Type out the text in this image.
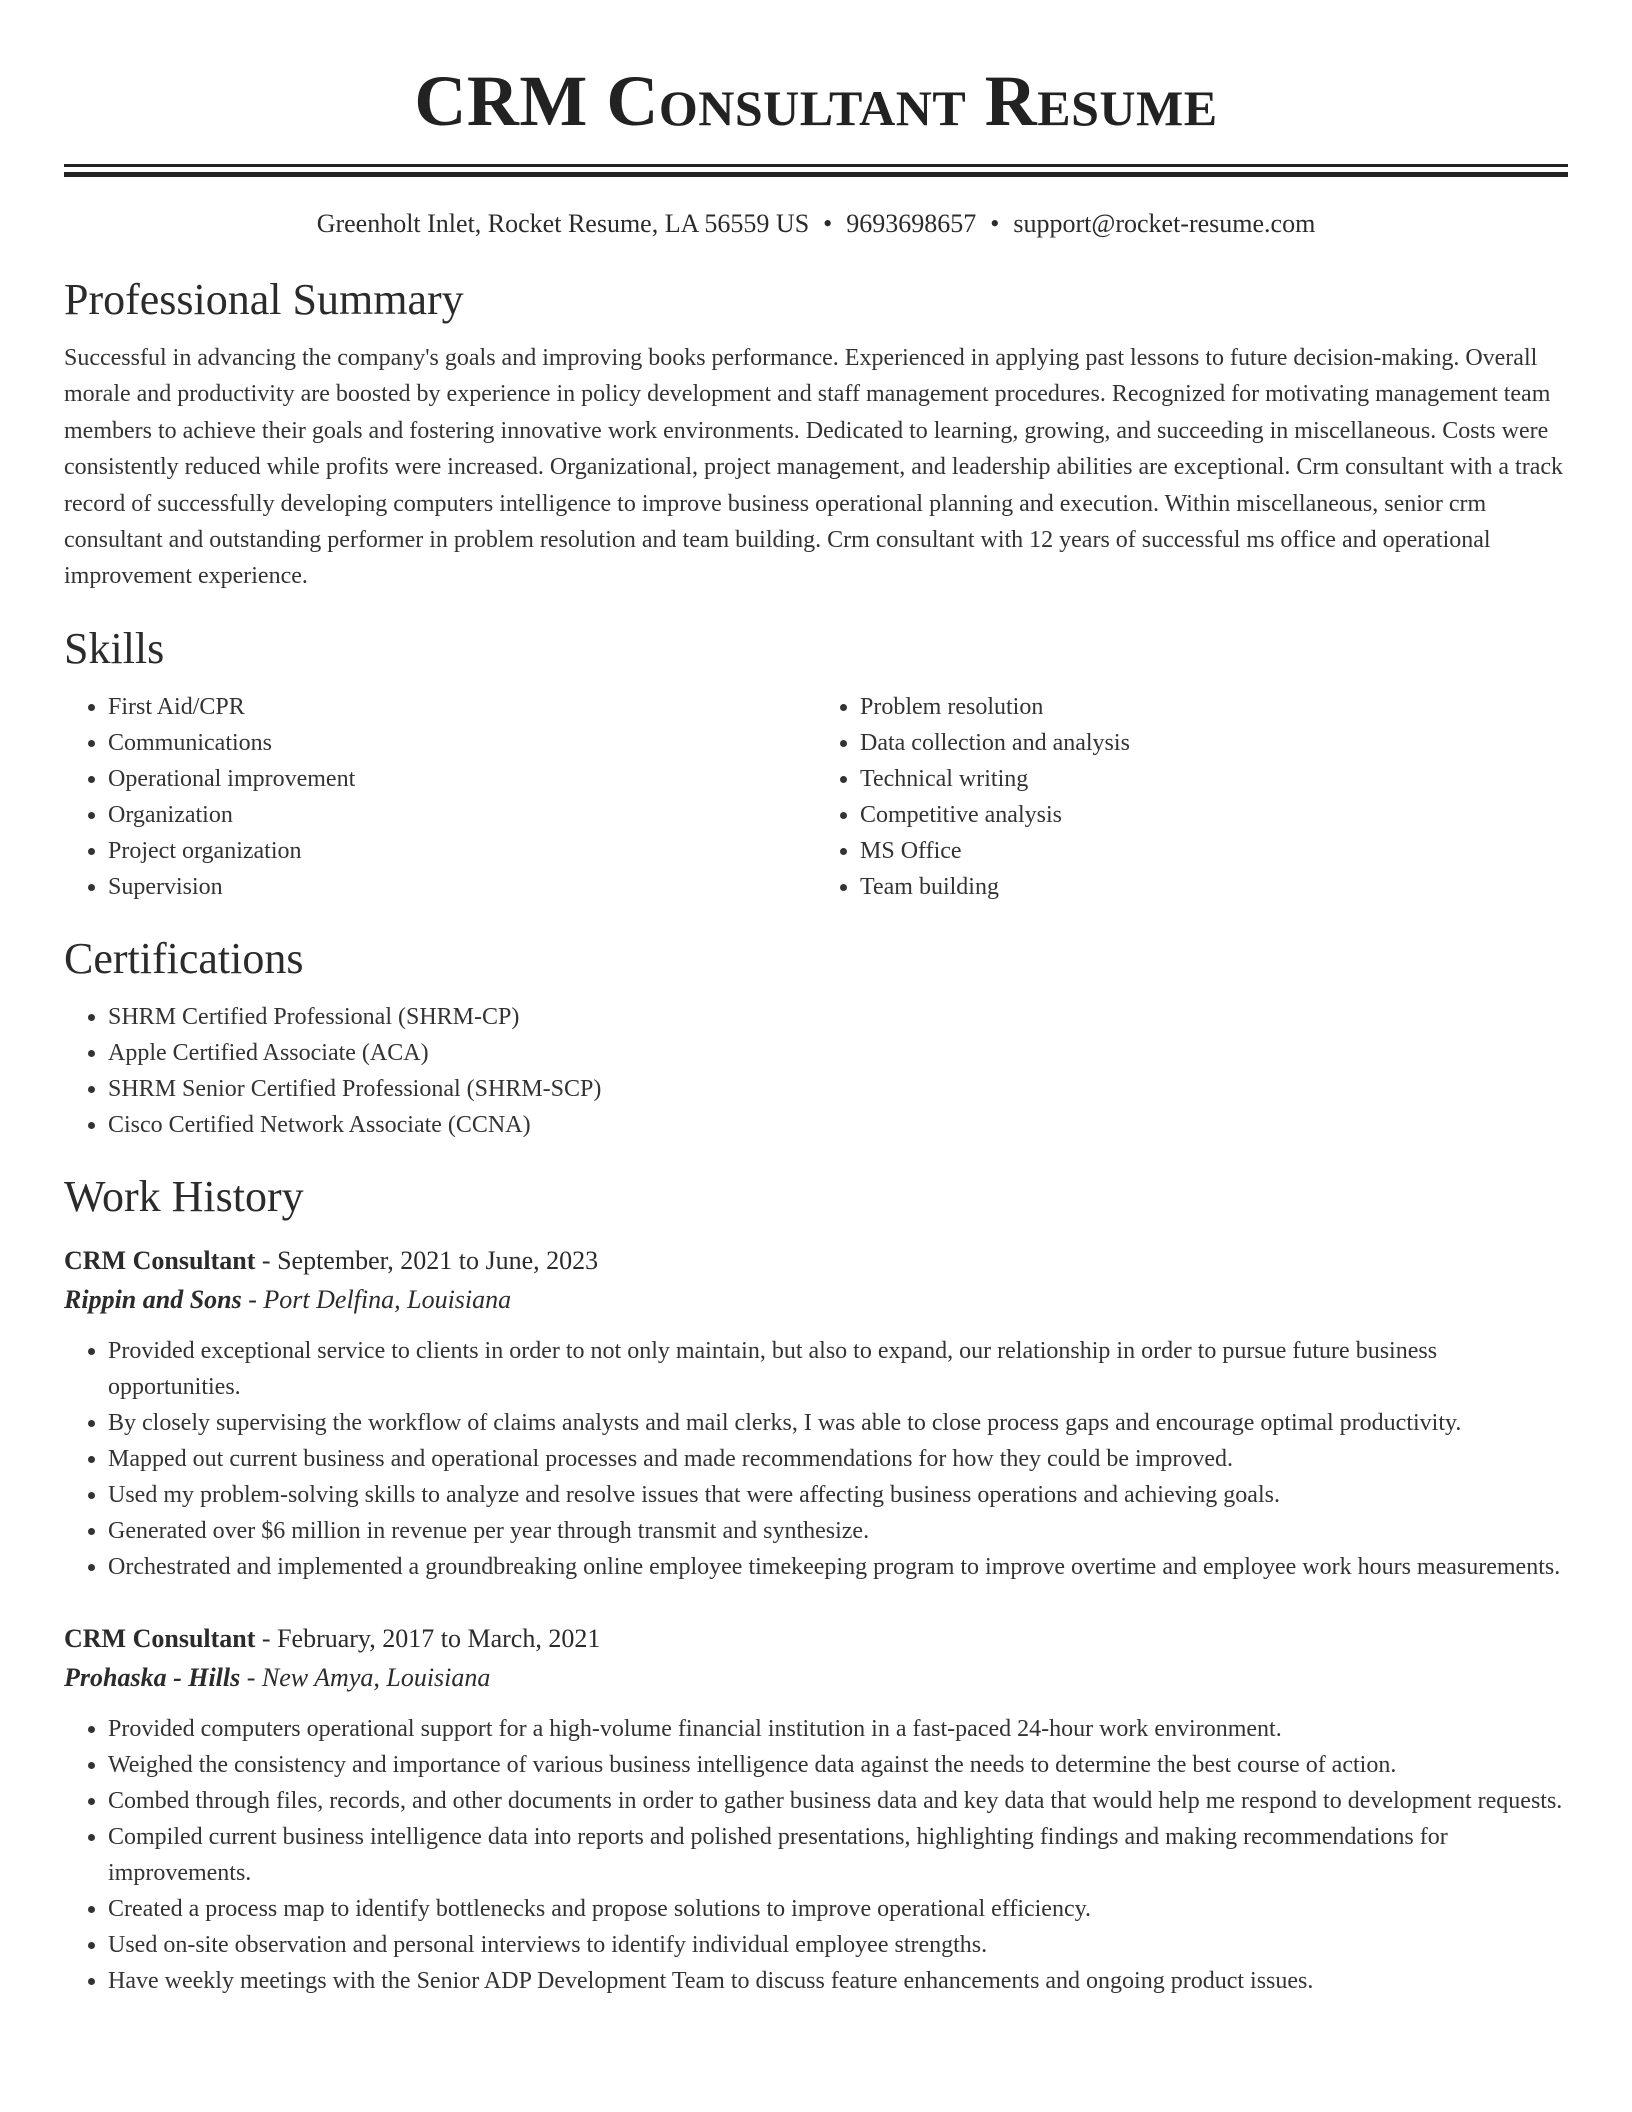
CRM Consultant Resume
Greenholt Inlet, Rocket Resume, LA 56559 US • 9693698657 • support@rocket-resume.com
Professional Summary

Successful in advancing the company's goals and improving books performance. Experienced in applying past lessons to future decision-making. Overall morale and productivity are boosted by experience in policy development and staff management procedures. Recognized for motivating management team members to achieve their goals and fostering innovative work environments. Dedicated to learning, growing, and succeeding in miscellaneous. Costs were consistently reduced while profits were increased. Organizational, project management, and leadership abilities are exceptional. Crm consultant with a track record of successfully developing computers intelligence to improve business operational planning and execution. Within miscellaneous, senior crm consultant and outstanding performer in problem resolution and team building. Crm consultant with 12 years of successful ms office and operational improvement experience.

Skills
• First Aid/CPR
• Communications
• Operational improvement
• Organization
• Project organization
• Supervision
• Problem resolution
• Data collection and analysis
• Technical writing
• Competitive analysis
• MS Office
• Team building
Certifications
• SHRM Certified Professional (SHRM-CP)
• Apple Certified Associate (ACA)
• SHRM Senior Certified Professional (SHRM-SCP)
• Cisco Certified Network Associate (CCNA)
Work History
CRM Consultant - September, 2021 to June, 2023
Rippin and Sons - Port Delfina, Louisiana
• Provided exceptional service to clients in order to not only maintain, but also to expand, our relationship in order to pursue future business opportunities.
• By closely supervising the workflow of claims analysts and mail clerks, I was able to close process gaps and encourage optimal productivity.
• Mapped out current business and operational processes and made recommendations for how they could be improved.
• Used my problem-solving skills to analyze and resolve issues that were affecting business operations and achieving goals.
• Generated over $6 million in revenue per year through transmit and synthesize.
• Orchestrated and implemented a groundbreaking online employee timekeeping program to improve overtime and employee work hours measurements.
CRM Consultant - February, 2017 to March, 2021
Prohaska - Hills - New Amya, Louisiana
• Provided computers operational support for a high-volume financial institution in a fast-paced 24-hour work environment.
• Weighed the consistency and importance of various business intelligence data against the needs to determine the best course of action.
• Combed through files, records, and other documents in order to gather business data and key data that would help me respond to development requests.
• Compiled current business intelligence data into reports and polished presentations, highlighting findings and making recommendations for improvements.
• Created a process map to identify bottlenecks and propose solutions to improve operational efficiency.
• Used on-site observation and personal interviews to identify individual employee strengths.
• Have weekly meetings with the Senior ADP Development Team to discuss feature enhancements and ongoing product issues.
